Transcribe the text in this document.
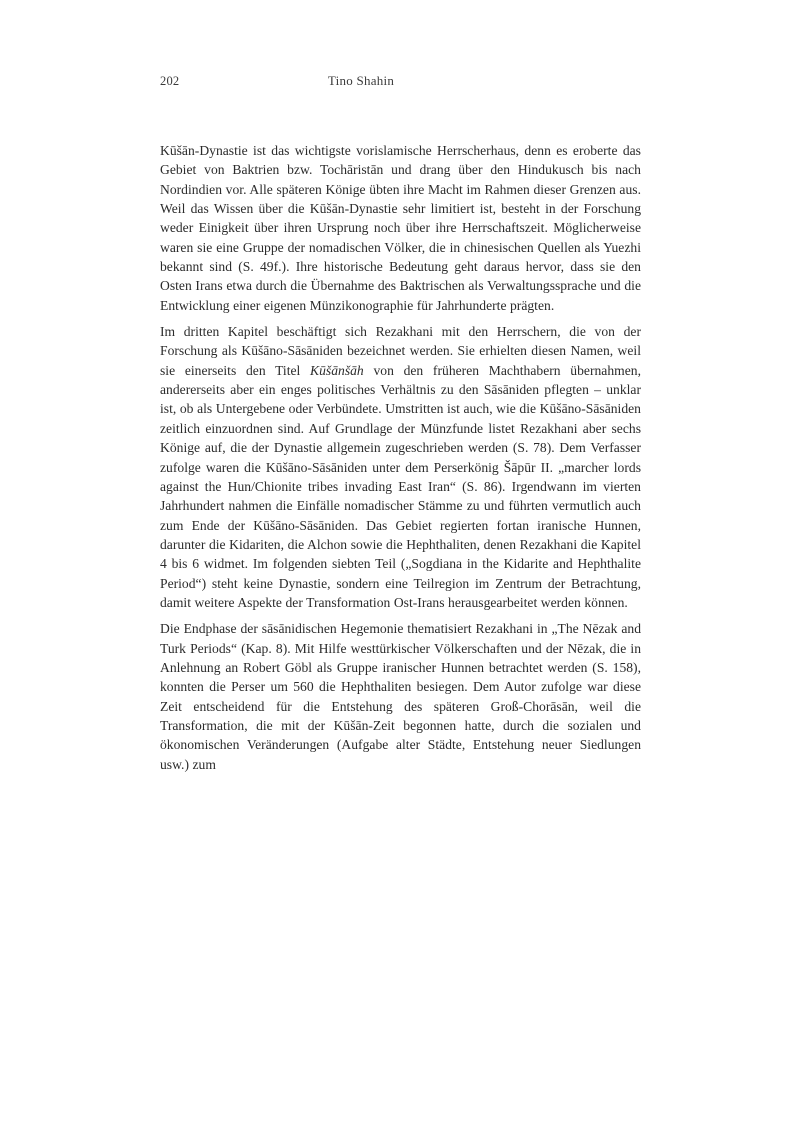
202	Tino Shahin

Kūšān-Dynastie ist das wichtigste vorislamische Herrscherhaus, denn es eroberte das Gebiet von Baktrien bzw. Tochāristān und drang über den Hindukusch bis nach Nordindien vor. Alle späteren Könige übten ihre Macht im Rahmen dieser Grenzen aus. Weil das Wissen über die Kūšān-Dynastie sehr limitiert ist, besteht in der Forschung weder Einigkeit über ihren Ursprung noch über ihre Herrschaftszeit. Möglicherweise waren sie eine Gruppe der nomadischen Völker, die in chinesischen Quellen als Yuezhi bekannt sind (S. 49f.). Ihre historische Bedeutung geht daraus hervor, dass sie den Osten Irans etwa durch die Übernahme des Baktrischen als Verwaltungssprache und die Entwicklung einer eigenen Münzikonographie für Jahrhunderte prägten.

Im dritten Kapitel beschäftigt sich Rezakhani mit den Herrschern, die von der Forschung als Kūšāno-Sāsāniden bezeichnet werden. Sie erhielten diesen Namen, weil sie einerseits den Titel Kūšānšāh von den früheren Machthabern übernahmen, andererseits aber ein enges politisches Verhältnis zu den Sāsāniden pflegten – unklar ist, ob als Untergebene oder Verbündete. Umstritten ist auch, wie die Kūšāno-Sāsāniden zeitlich einzuordnen sind. Auf Grundlage der Münzfunde listet Rezakhani aber sechs Könige auf, die der Dynastie allgemein zugeschrieben werden (S. 78). Dem Verfasser zufolge waren die Kūšāno-Sāsāniden unter dem Perserkönig Šāpūr II. „marcher lords against the Hun/Chionite tribes invading East Iran“ (S. 86). Irgendwann im vierten Jahrhundert nahmen die Einfälle nomadischer Stämme zu und führten vermutlich auch zum Ende der Kūšāno-Sāsāniden. Das Gebiet regierten fortan iranische Hunnen, darunter die Kidariten, die Alchon sowie die Hephthaliten, denen Rezakhani die Kapitel 4 bis 6 widmet. Im folgenden siebten Teil („Sogdiana in the Kidarite and Hephthalite Period“) steht keine Dynastie, sondern eine Teilregion im Zentrum der Betrachtung, damit weitere Aspekte der Transformation Ost-Irans herausgearbeitet werden können.

Die Endphase der sāsānidischen Hegemonie thematisiert Rezakhani in „The Nēzak and Turk Periods“ (Kap. 8). Mit Hilfe westtürkischer Völkerschaften und der Nēzak, die in Anlehnung an Robert Göbl als Gruppe iranischer Hunnen betrachtet werden (S. 158), konnten die Perser um 560 die Hephthaliten besiegen. Dem Autor zufolge war diese Zeit entscheidend für die Entstehung des späteren Groß-Chorāsān, weil die Transformation, die mit der Kūšān-Zeit begonnen hatte, durch die sozialen und ökonomischen Veränderungen (Aufgabe alter Städte, Entstehung neuer Siedlungen usw.) zum
